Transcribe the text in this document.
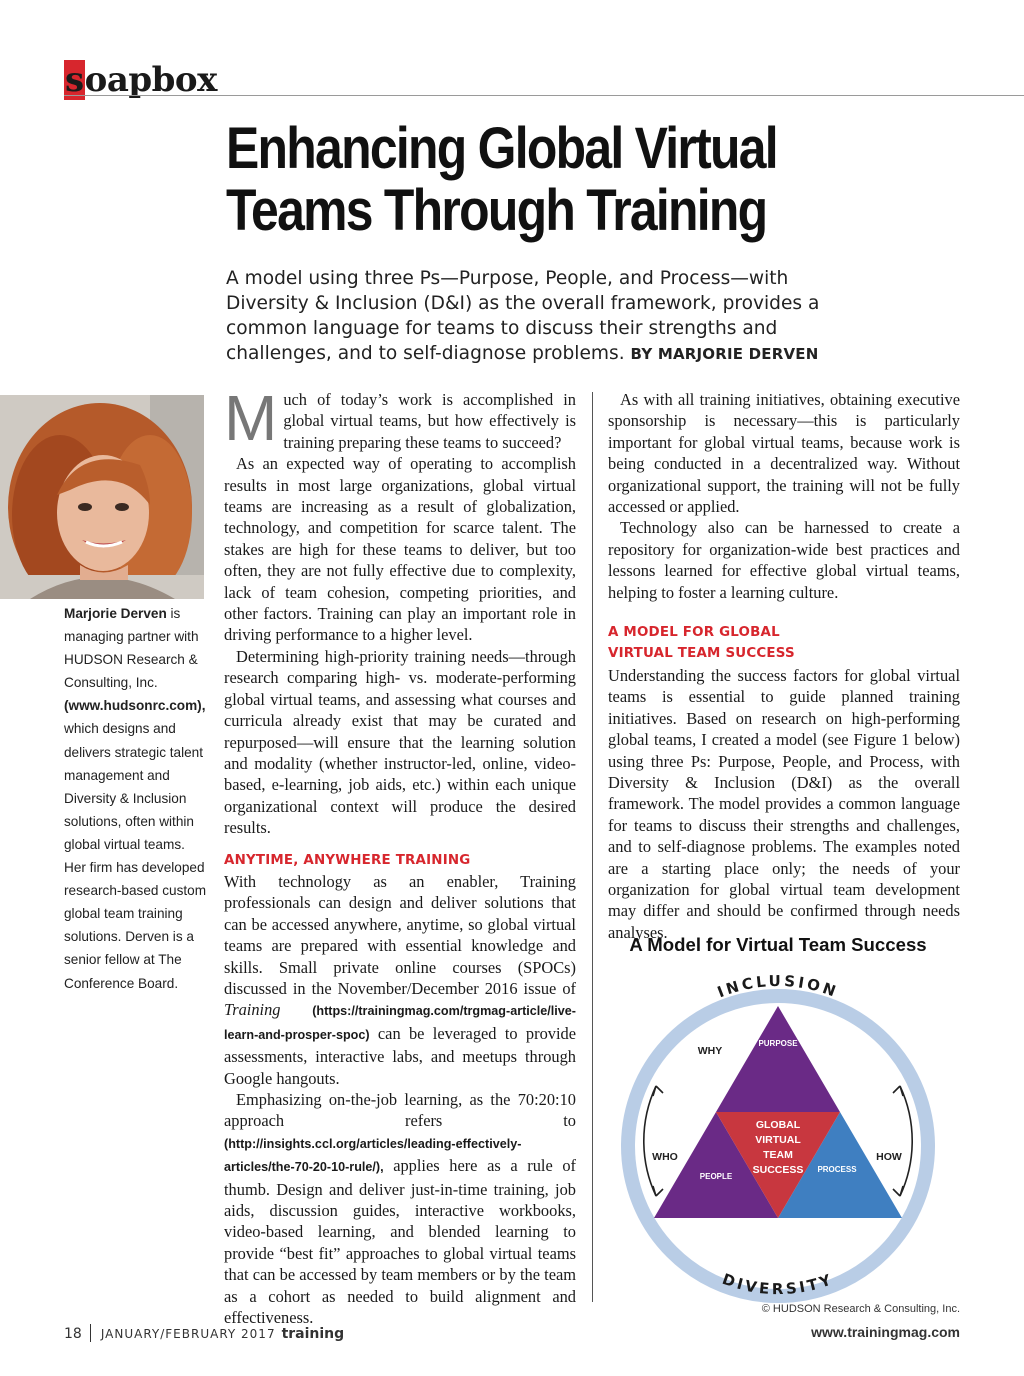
soapbox
Enhancing Global Virtual Teams Through Training
A model using three Ps—Purpose, People, and Process—with Diversity & Inclusion (D&I) as the overall framework, provides a common language for teams to discuss their strengths and challenges, and to self-diagnose problems. BY MARJORIE DERVEN
Marjorie Derven is managing partner with HUDSON Research & Consulting, Inc. (www.hudsonrc.com), which designs and delivers strategic talent management and Diversity & Inclusion solutions, often within global virtual teams. Her firm has developed research-based custom global team training solutions. Derven is a senior fellow at The Conference Board.

Much of today’s work is accomplished in global virtual teams, but how effectively is training preparing these teams to succeed?

As an expected way of operating to accomplish results in most large organizations, global virtual teams are increasing as a result of globalization, technology, and competition for scarce talent. The stakes are high for these teams to deliver, but too often, they are not fully effective due to complexity, lack of team cohesion, competing priorities, and other factors. Training can play an important role in driving performance to a higher level.

Determining high-priority training needs—through research comparing high- vs. moderate-performing global virtual teams, and assessing what courses and curricula already exist that may be curated and repurposed—will ensure that the learning solution and modality (whether instructor-led, online, video-based, e-learning, job aids, etc.) within each unique organizational context will produce the desired results.

ANYTIME, ANYWHERE TRAINING

With technology as an enabler, Training professionals can design and deliver solutions that can be accessed anywhere, anytime, so global virtual teams are prepared with essential knowledge and skills. Small private online courses (SPOCs) discussed in the November/December 2016 issue of Training	(https://trainingmag.com/trgmag-article/live-learn-and-prosper-spoc) can be leveraged to provide assessments, interactive labs, and meetups through Google hangouts.

Emphasizing on-the-job learning, as the 70:20:10 approach refers to (http://insights.ccl.org/articles/leading-effectively-articles/the-70-20-10-rule/), applies here as a rule of thumb. Design and deliver just-in-time training, job aids, discussion guides, interactive workbooks, video-based learning, and blended learning to provide “best fit” approaches to global virtual teams that can be accessed by team members or by the team as a cohort as needed to build alignment and effectiveness.

As with all training initiatives, obtaining executive sponsorship is necessary—this is particularly important for global virtual teams, because work is being conducted in a decentralized way. Without organizational support, the training will not be fully accessed or applied.

Technology also can be harnessed to create a repository for organization-wide best practices and lessons learned for effective global virtual teams, helping to foster a learning culture.

A MODEL FOR GLOBAL
VIRTUAL TEAM SUCCESS

Understanding the success factors for global virtual teams is essential to guide planned training initiatives. Based on research on high-performing global teams, I created a model (see Figure 1 below) using three Ps: Purpose, People, and Process, with Diversity & Inclusion (D&I) as the overall framework. The model provides a common language for teams to discuss their strengths and challenges, and to self-diagnose problems. The examples noted are a starting place only; the needs of your organization for global virtual team development may differ and should be confirmed through needs analyses.

A Model for Virtual Team Success
INCLUSION
DIVERSITY
WHY
WHO	HOW
PURPOSE
PEOPLE
PROCESS
GLOBAL
VIRTUAL
TEAM
SUCCESS
© HUDSON Research & Consulting, Inc.
18 JANUARY/FEBRUARY 2017 training	www.trainingmag.com
